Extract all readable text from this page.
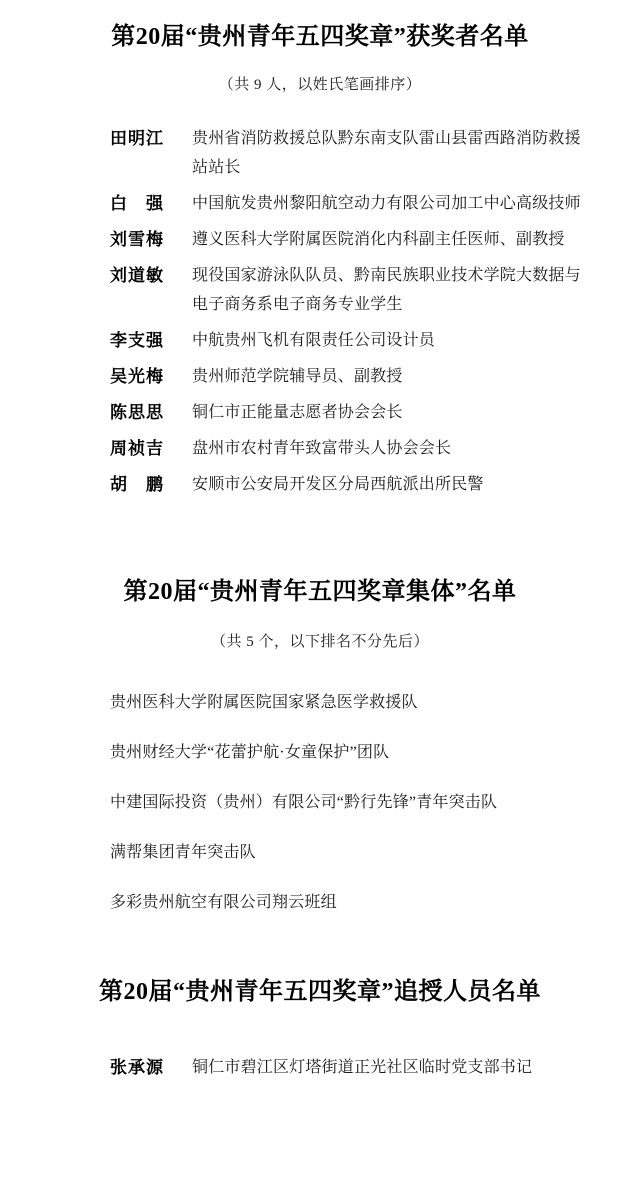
第20届“贵州青年五四奖章”获奖者名单
（共 9 人，以姓氏笔画排序）
田明江	贵州省消防救援总队黔东南支队雷山县雷西路消防救援站站长
白　强	中国航发贵州黎阳航空动力有限公司加工中心高级技师
刘雪梅	遵义医科大学附属医院消化内科副主任医师、副教授
刘道敏	现役国家游泳队队员、黔南民族职业技术学院大数据与电子商务系电子商务专业学生
李支强	中航贵州飞机有限责任公司设计员
吴光梅	贵州师范学院辅导员、副教授
陈思思	铜仁市正能量志愿者协会会长
周祯吉	盘州市农村青年致富带头人协会会长
胡　鹏	安顺市公安局开发区分局西航派出所民警
第20届“贵州青年五四奖章集体”名单
（共 5 个，以下排名不分先后）
贵州医科大学附属医院国家紧急医学救援队
贵州财经大学“花蕾护航·女童保护”团队
中建国际投资（贵州）有限公司“黔行先锋”青年突击队
满帮集团青年突击队
多彩贵州航空有限公司翔云班组
第20届“贵州青年五四奖章”追授人员名单
张承源	铜仁市碧江区灯塔街道正光社区临时党支部书记
